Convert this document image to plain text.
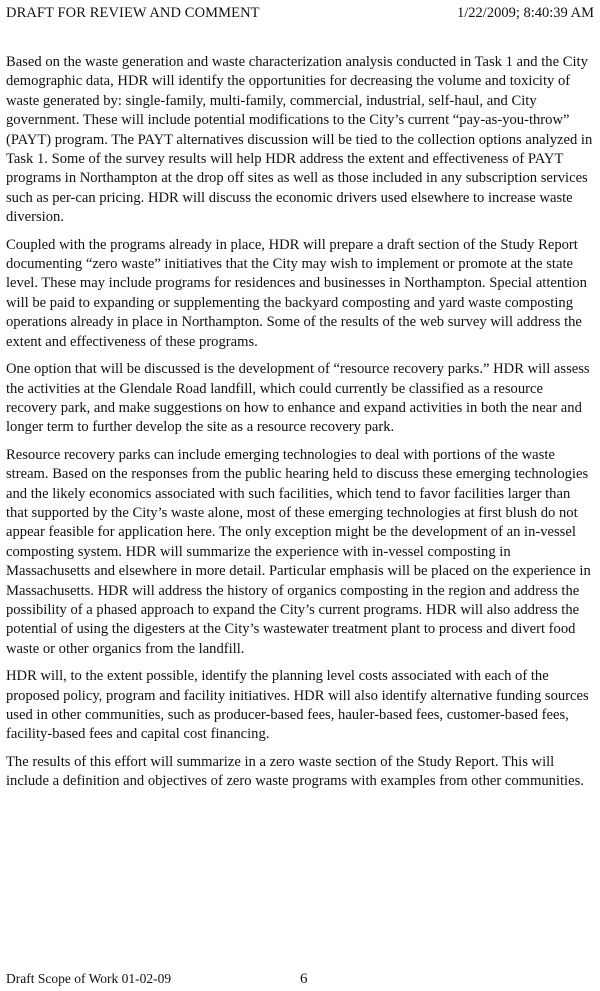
DRAFT FOR REVIEW AND COMMENT	1/22/2009; 8:40:39 AM

Based on the waste generation and waste characterization analysis conducted in Task 1 and the City demographic data, HDR will identify the opportunities for decreasing the volume and toxicity of waste generated by: single-family, multi-family, commercial, industrial, self-haul, and City government. These will include potential modifications to the City’s current “pay-as-you-throw” (PAYT) program. The PAYT alternatives discussion will be tied to the collection options analyzed in Task 1. Some of the survey results will help HDR address the extent and effectiveness of PAYT programs in Northampton at the drop off sites as well as those included in any subscription services such as per-can pricing. HDR will discuss the economic drivers used elsewhere to increase waste diversion.

Coupled with the programs already in place, HDR will prepare a draft section of the Study Report documenting “zero waste” initiatives that the City may wish to implement or promote at the state level. These may include programs for residences and businesses in Northampton. Special attention will be paid to expanding or supplementing the backyard composting and yard waste composting operations already in place in Northampton. Some of the results of the web survey will address the extent and effectiveness of these programs.

One option that will be discussed is the development of “resource recovery parks.” HDR will assess the activities at the Glendale Road landfill, which could currently be classified as a resource recovery park, and make suggestions on how to enhance and expand activities in both the near and longer term to further develop the site as a resource recovery park.

Resource recovery parks can include emerging technologies to deal with portions of the waste stream. Based on the responses from the public hearing held to discuss these emerging technologies and the likely economics associated with such facilities, which tend to favor facilities larger than that supported by the City’s waste alone, most of these emerging technologies at first blush do not appear feasible for application here. The only exception might be the development of an in-vessel composting system. HDR will summarize the experience with in-vessel composting in Massachusetts and elsewhere in more detail. Particular emphasis will be placed on the experience in Massachusetts. HDR will address the history of organics composting in the region and address the possibility of a phased approach to expand the City’s current programs. HDR will also address the potential of using the digesters at the City’s wastewater treatment plant to process and divert food waste or other organics from the landfill.

HDR will, to the extent possible, identify the planning level costs associated with each of the proposed policy, program and facility initiatives. HDR will also identify alternative funding sources used in other communities, such as producer-based fees, hauler-based fees, customer-based fees, facility-based fees and capital cost financing.

The results of this effort will summarize in a zero waste section of the Study Report. This will include a definition and objectives of zero waste programs with examples from other communities.

Draft Scope of Work 01-02-09	6
